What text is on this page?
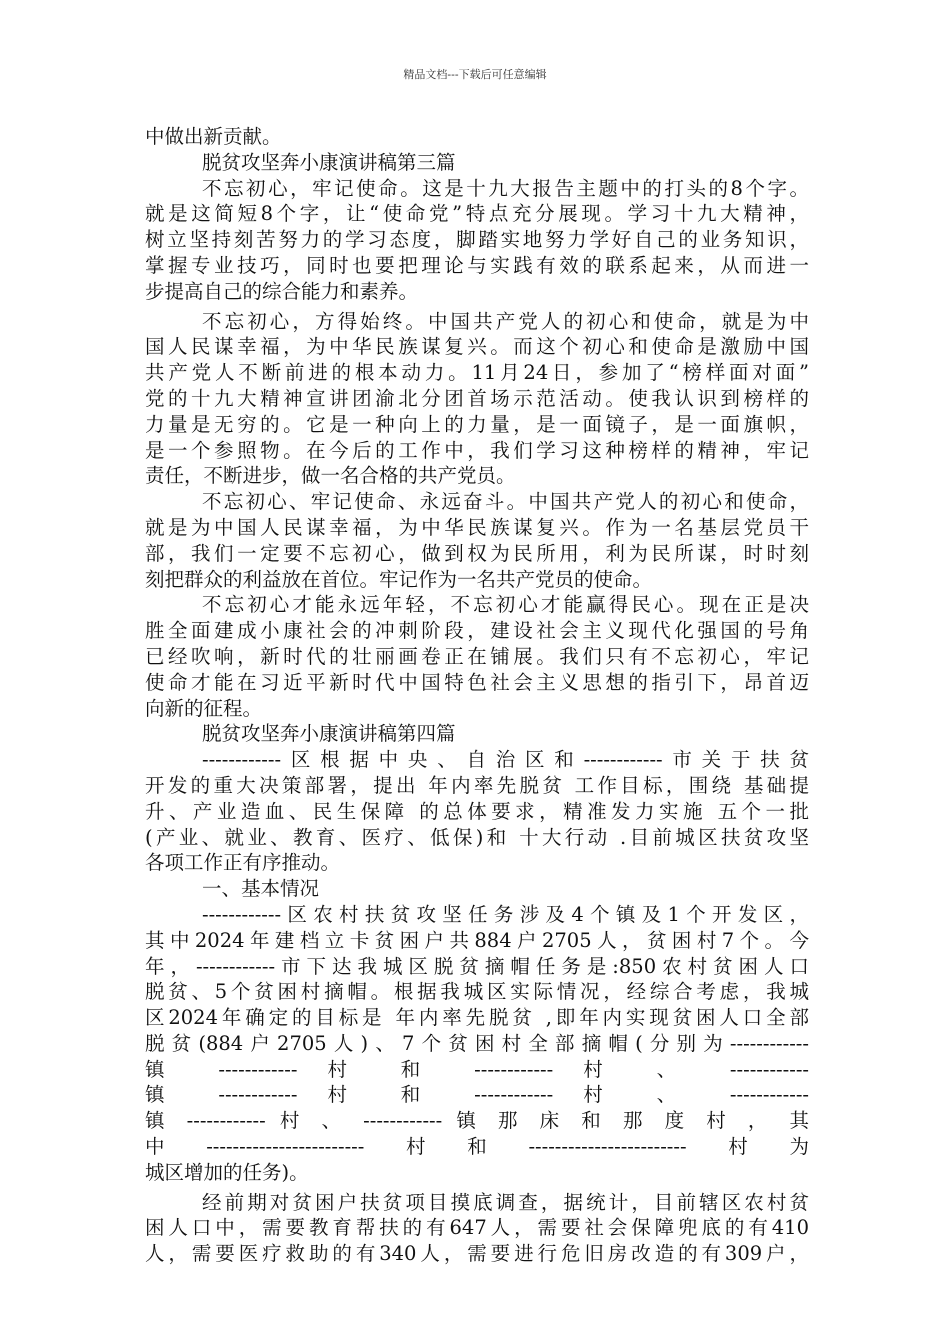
精品文档---下载后可任意编辑
中做出新贡献。
脱贫攻坚奔小康演讲稿第三篇
不忘初心，牢记使命。这是十九大报告主题中的打头的8个字。
就是这简短8个字，让“使命党”特点充分展现。学习十九大精神，
树立坚持刻苦努力的学习态度，脚踏实地努力学好自己的业务知识，
掌握专业技巧，同时也要把理论与实践有效的联系起来，从而进一
步提高自己的综合能力和素养。
不忘初心，方得始终。中国共产党人的初心和使命，就是为中
国人民谋幸福，为中华民族谋复兴。而这个初心和使命是激励中国
共产党人不断前进的根本动力。11月24日，参加了“榜样面对面”
党的十九大精神宣讲团渝北分团首场示范活动。使我认识到榜样的
力量是无穷的。它是一种向上的力量，是一面镜子，是一面旗帜，
是一个参照物。在今后的工作中，我们学习这种榜样的精神，牢记
责任，不断进步，做一名合格的共产党员。
不忘初心、牢记使命、永远奋斗。中国共产党人的初心和使命，
就是为中国人民谋幸福，为中华民族谋复兴。作为一名基层党员干
部，我们一定要不忘初心，做到权为民所用，利为民所谋，时时刻
刻把群众的利益放在首位。牢记作为一名共产党员的使命。
不忘初心才能永远年轻，不忘初心才能赢得民心。现在正是决
胜全面建成小康社会的冲刺阶段，建设社会主义现代化强国的号角
已经吹响，新时代的壮丽画卷正在铺展。我们只有不忘初心，牢记
使命才能在习近平新时代中国特色社会主义思想的指引下，昂首迈
向新的征程。
脱贫攻坚奔小康演讲稿第四篇
------------区根据中央、自治区和------------市关于扶贫
开发的重大决策部署，提出 年内率先脱贫 工作目标，围绕 基础提
升、产业造血、民生保障 的总体要求，精准发力实施 五个一批
(产业、就业、教育、医疗、低保)和 十大行动 .目前城区扶贫攻坚
各项工作正有序推动。
一、基本情况
------------区农村扶贫攻坚任务涉及4个镇及1个开发区，
其中2024年建档立卡贫困户共884户2705人，贫困村7个。今
年，------------市下达我城区脱贫摘帽任务是:850农村贫困人口
脱贫、5个贫困村摘帽。根据我城区实际情况，经综合考虑，我城
区2024年确定的目标是 年内率先脱贫 ,即年内实现贫困人口全部
脱贫(884户2705人)、7个贫困村全部摘帽(分别为------------
镇 ------------ 村 和 ------------ 村 、 ------------
镇 ------------ 村 和 ------------ 村 、 ------------
镇 ------------ 村 、 ------------ 镇 那 床 和 那 度 村 ， 其
中------------------------村和------------------------村为
城区增加的任务)。
经前期对贫困户扶贫项目摸底调查，据统计，目前辖区农村贫
困人口中，需要教育帮扶的有647人，需要社会保障兜底的有410
人，需要医疗救助的有340人，需要进行危旧房改造的有309户，
